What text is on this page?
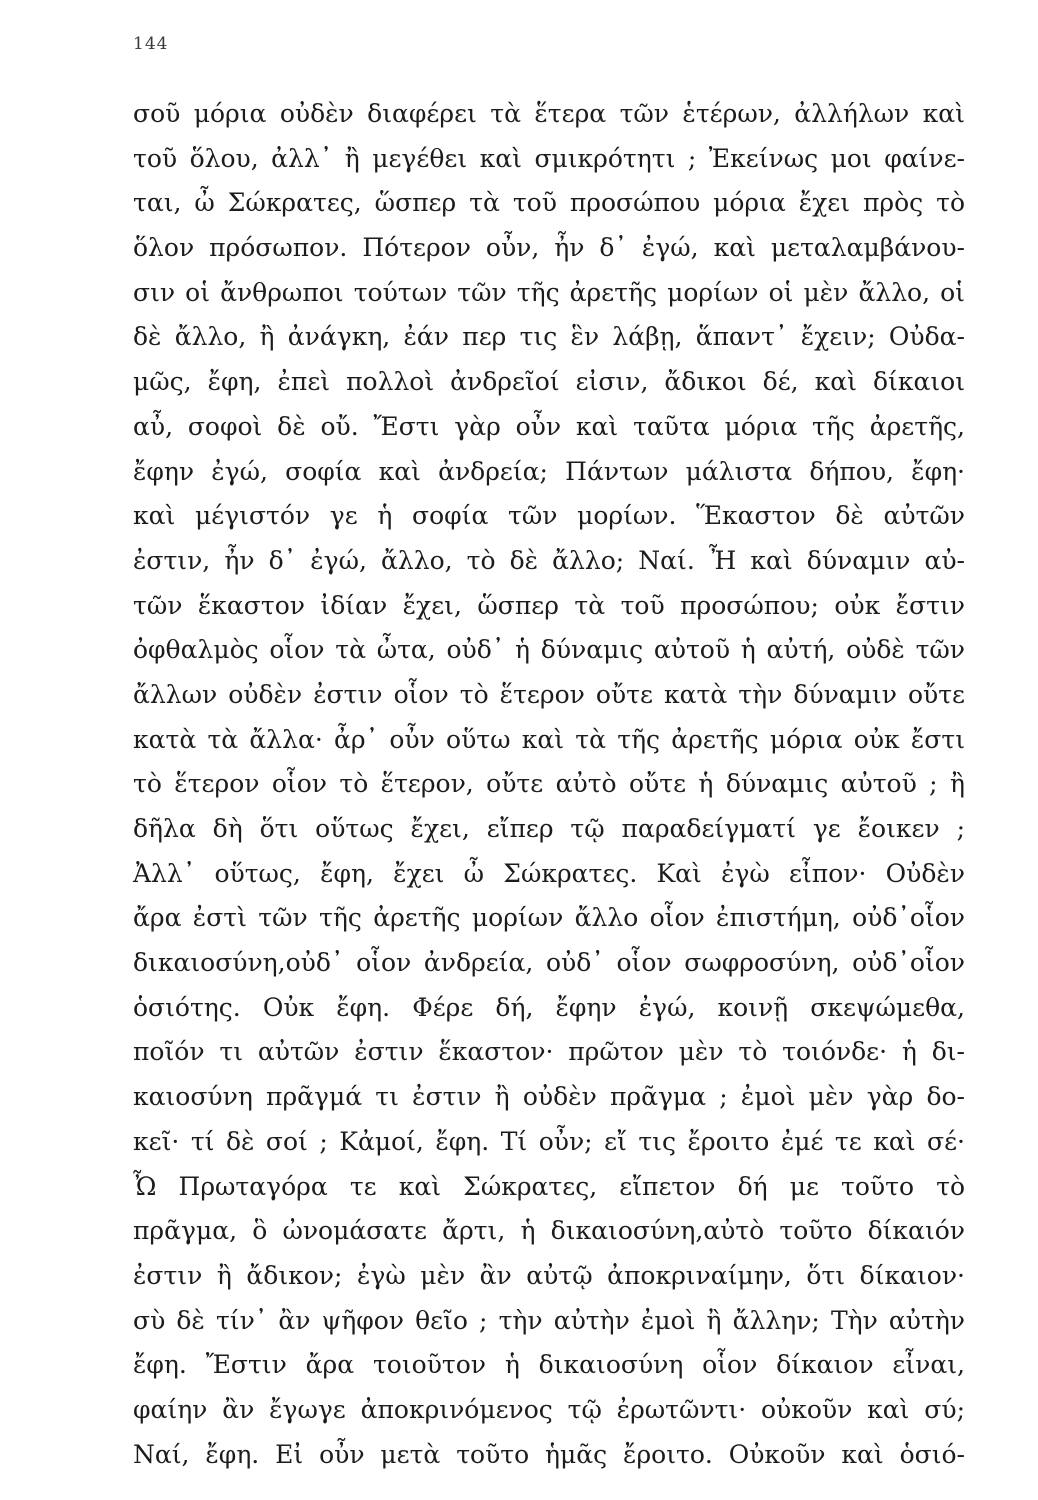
144
σοῦ μόρια οὐδὲν διαφέρει τὰ ἕτερα τῶν ἑτέρων, ἀλλήλων καὶ
τοῦ ὅλου, ἀλλ᾽ ἢ μεγέθει καὶ σμικρότητι ; Ἐκείνως μοι φαίνε-
ται, ὦ Σώκρατες, ὥσπερ τὰ τοῦ προσώπου μόρια ἔχει πρὸς τὸ
ὅλον πρόσωπον. Πότερον οὖν, ἦν δ᾽ ἐγώ, καὶ μεταλαμβάνου-
σιν οἱ ἄνθρωποι τούτων τῶν τῆς ἀρετῆς μορίων οἱ μὲν ἄλλο, οἱ
δὲ ἄλλο, ἢ ἀνάγκη, ἐάν περ τις ἓν λάβῃ, ἅπαντ᾽ ἔχειν; Οὐδα-
μῶς, ἔφη, ἐπεὶ πολλοὶ ἀνδρεῖοί εἰσιν, ἄδικοι δέ, καὶ δίκαιοι
αὖ, σοφοὶ δὲ οὔ. Ἔστι γὰρ οὖν καὶ ταῦτα μόρια τῆς ἀρετῆς,
ἔφην ἐγώ, σοφία καὶ ἀνδρεία; Πάντων μάλιστα δήπου, ἔφη·
καὶ μέγιστόν γε ἡ σοφία τῶν μορίων. Ἕκαστον δὲ αὐτῶν
ἐστιν, ἦν δ᾽ ἐγώ, ἄλλο, τὸ δὲ ἄλλο; Ναί. Ἦ καὶ δύναμιν αὐ-
τῶν ἕκαστον ἰδίαν ἔχει, ὥσπερ τὰ τοῦ προσώπου; οὐκ ἔστιν
ὀφθαλμὸς οἷον τὰ ὦτα, οὐδ᾽ ἡ δύναμις αὐτοῦ ἡ αὐτή, οὐδὲ τῶν
ἄλλων οὐδὲν ἐστιν οἷον τὸ ἕτερον οὔτε κατὰ τὴν δύναμιν οὔτε
κατὰ τὰ ἄλλα· ἆρ᾽ οὖν οὕτω καὶ τὰ τῆς ἀρετῆς μόρια οὐκ ἔστι
τὸ ἕτερον οἷον τὸ ἕτερον, οὔτε αὐτὸ οὔτε ἡ δύναμις αὐτοῦ ; ἢ
δῆλα δὴ ὅτι οὕτως ἔχει, εἴπερ τῷ παραδείγματί γε ἔοικεν ;
Ἀλλ᾽ οὕτως, ἔφη, ἔχει ὦ Σώκρατες. Καὶ ἐγὼ εἶπον· Οὐδὲν
ἄρα ἐστὶ τῶν τῆς ἀρετῆς μορίων ἄλλο οἷον ἐπιστήμη, οὐδ᾽οἷον
δικαιοσύνη,οὐδ᾽ οἷον ἀνδρεία, οὐδ᾽ οἷον σωφροσύνη, οὐδ᾽οἷον
ὁσιότης. Οὐκ ἔφη. Φέρε δή, ἔφην ἐγώ, κοινῇ σκεψώμεθα,
ποῖόν τι αὐτῶν ἐστιν ἕκαστον· πρῶτον μὲν τὸ τοιόνδε· ἡ δι-
καιοσύνη πρᾶγμά τι ἐστιν ἢ οὐδὲν πρᾶγμα ; ἐμοὶ μὲν γὰρ δο-
κεῖ· τί δὲ σοί ; Κἀμοί, ἔφη. Τί οὖν; εἴ τις ἔροιτο ἐμέ τε καὶ σέ·
Ὦ Πρωταγόρα τε καὶ Σώκρατες, εἴπετον δή με τοῦτο τὸ
πρᾶγμα, ὃ ὠνομάσατε ἄρτι, ἡ δικαιοσύνη,αὐτὸ τοῦτο δίκαιόν
ἐστιν ἢ ἄδικον; ἐγὼ μὲν ἂν αὐτῷ ἀποκριναίμην, ὅτι δίκαιον·
σὺ δὲ τίν᾽ ἂν ψῆφον θεῖο ; τὴν αὐτὴν ἐμοὶ ἢ ἄλλην; Τὴν αὐτὴν
ἔφη. Ἔστιν ἄρα τοιοῦτον ἡ δικαιοσύνη οἷον δίκαιον εἶναι,
φαίην ἂν ἔγωγε ἀποκρινόμενος τῷ ἐρωτῶντι· οὐκοῦν καὶ σύ;
Ναί, ἔφη. Εἰ οὖν μετὰ τοῦτο ἡμᾶς ἔροιτο. Οὐκοῦν καὶ ὁσιό-
